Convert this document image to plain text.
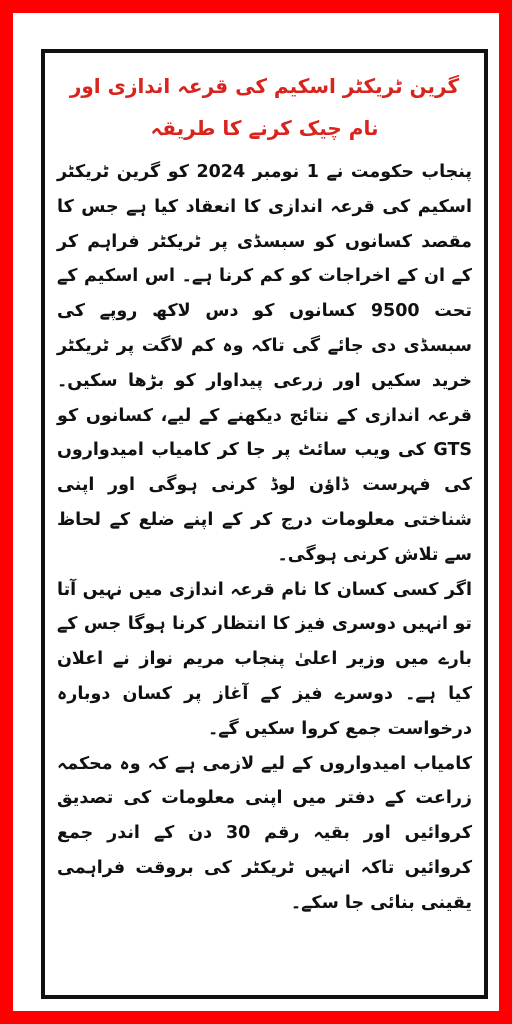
گرین ٹریکٹر اسکیم کی قرعہ اندازی اور نام چیک کرنے کا طریقہ

پنجاب حکومت نے 1 نومبر 2024 کو گرین ٹریکٹر اسکیم کی قرعہ اندازی کا انعقاد کیا ہے جس کا مقصد کسانوں کو سبسڈی پر ٹریکٹر فراہم کر کے ان کے اخراجات کو کم کرنا ہے۔ اس اسکیم کے تحت 9500 کسانوں کو دس لاکھ روپے کی سبسڈی دی جائے گی تاکہ وہ کم لاگت پر ٹریکٹر خرید سکیں اور زرعی پیداوار کو بڑھا سکیں۔ قرعہ اندازی کے نتائج دیکھنے کے لیے، کسانوں کو GTS کی ویب سائٹ پر جا کر کامیاب امیدواروں کی فہرست ڈاؤن لوڈ کرنی ہوگی اور اپنی شناختی معلومات درج کر کے اپنے ضلع کے لحاظ سے تلاش کرنی ہوگی۔

اگر کسی کسان کا نام قرعہ اندازی میں نہیں آتا تو انہیں دوسری فیز کا انتظار کرنا ہوگا جس کے بارے میں وزیر اعلیٰ پنجاب مریم نواز نے اعلان کیا ہے۔ دوسرے فیز کے آغاز پر کسان دوبارہ درخواست جمع کروا سکیں گے۔

کامیاب امیدواروں کے لیے لازمی ہے کہ وہ محکمہ زراعت کے دفتر میں اپنی معلومات کی تصدیق کروائیں اور بقیہ رقم 30 دن کے اندر جمع کروائیں تاکہ انہیں ٹریکٹر کی بروقت فراہمی یقینی بنائی جا سکے۔
